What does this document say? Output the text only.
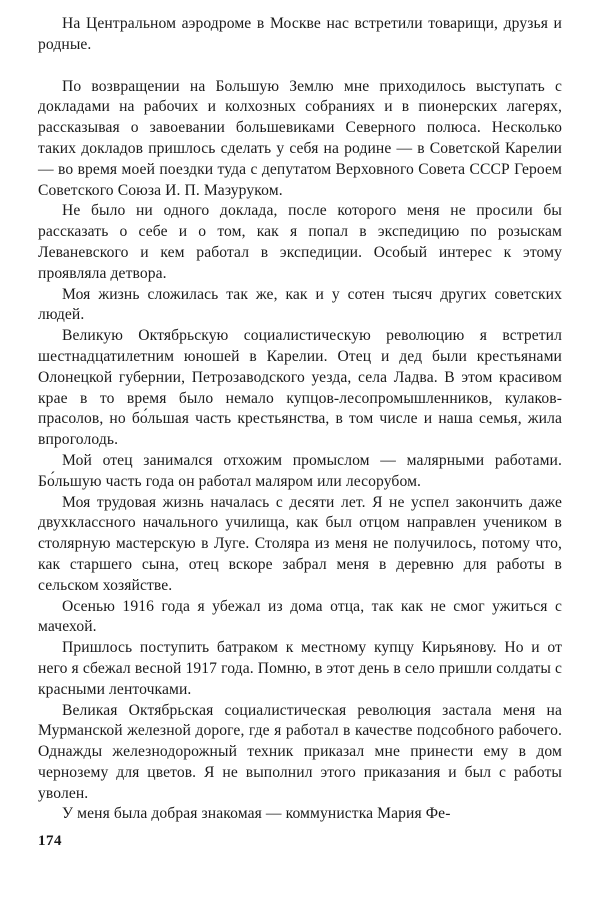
На Центральном аэродроме в Москве нас встретили товарищи, друзья и родные.

По возвращении на Большую Землю мне приходилось выступать с докладами на рабочих и колхозных собраниях и в пионерских лагерях, рассказывая о завоевании большевиками Северного полюса. Несколько таких докладов пришлось сделать у себя на родине — в Советской Карелии — во время моей поездки туда с депутатом Верховного Совета СССР Героем Советского Союза И. П. Мазуруком.

Не было ни одного доклада, после которого меня не просили бы рассказать о себе и о том, как я попал в экспедицию по розыскам Леваневского и кем работал в экспедиции. Особый интерес к этому проявляла детвора.

Моя жизнь сложилась так же, как и у сотен тысяч других советских людей.

Великую Октябрьскую социалистическую революцию я встретил шестнадцатилетним юношей в Карелии. Отец и дед были крестьянами Олонецкой губернии, Петрозаводского уезда, села Ладва. В этом красивом крае в то время было немало купцов-лесопромышленников, кулаков-прасолов, но бо́льшая часть крестьянства, в том числе и наша семья, жила впроголодь.

Мой отец занимался отхожим промыслом — малярными работами. Бо́льшую часть года он работал маляром или лесорубом.

Моя трудовая жизнь началась с десяти лет. Я не успел закончить даже двухклассного начального училища, как был отцом направлен учеником в столярную мастерскую в Луге. Столяра из меня не получилось, потому что, как старшего сына, отец вскоре забрал меня в деревню для работы в сельском хозяйстве.

Осенью 1916 года я убежал из дома отца, так как не смог ужиться с мачехой.

Пришлось поступить батраком к местному купцу Кирьянову. Но и от него я сбежал весной 1917 года. Помню, в этот день в село пришли солдаты с красными ленточками.

Великая Октябрьская социалистическая революция застала меня на Мурманской железной дороге, где я работал в качестве подсобного рабочего. Однажды железнодорожный техник приказал мне принести ему в дом чернозему для цветов. Я не выполнил этого приказания и был с работы уволен.

У меня была добрая знакомая — коммунистка Мария Фе-

174
